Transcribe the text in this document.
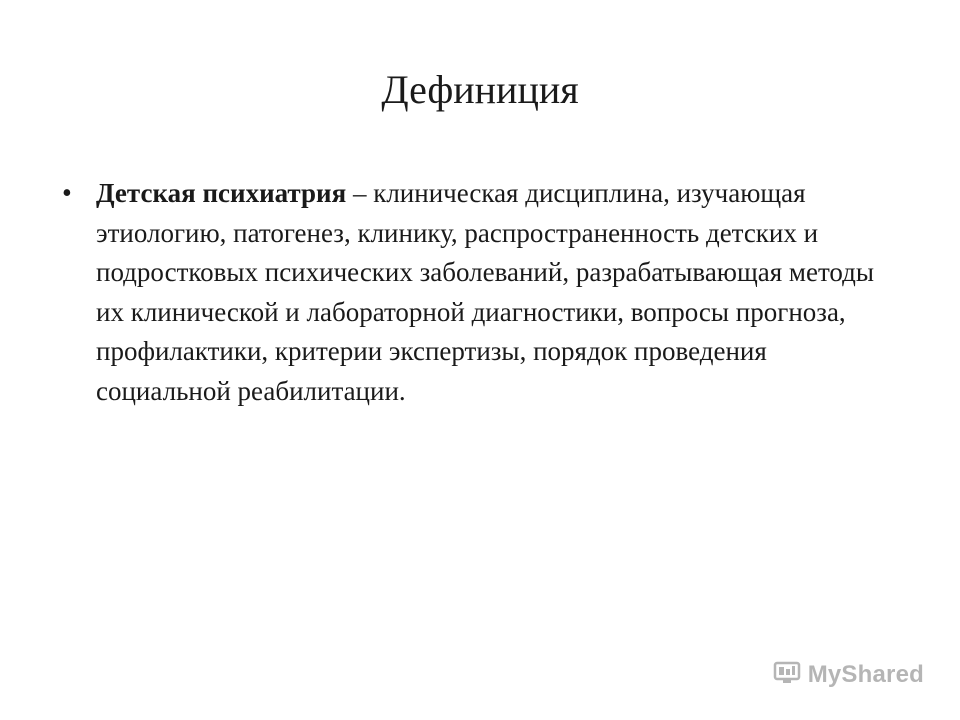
Дефиниция
• Детская психиатрия – клиническая дисциплина, изучающая этиологию, патогенез, клинику, распространенность детских и подростковых психических заболеваний, разрабатывающая методы их клинической и лабораторной диагностики, вопросы прогноза, профилактики, критерии экспертизы, порядок проведения социальной реабилитации.

MyShared
